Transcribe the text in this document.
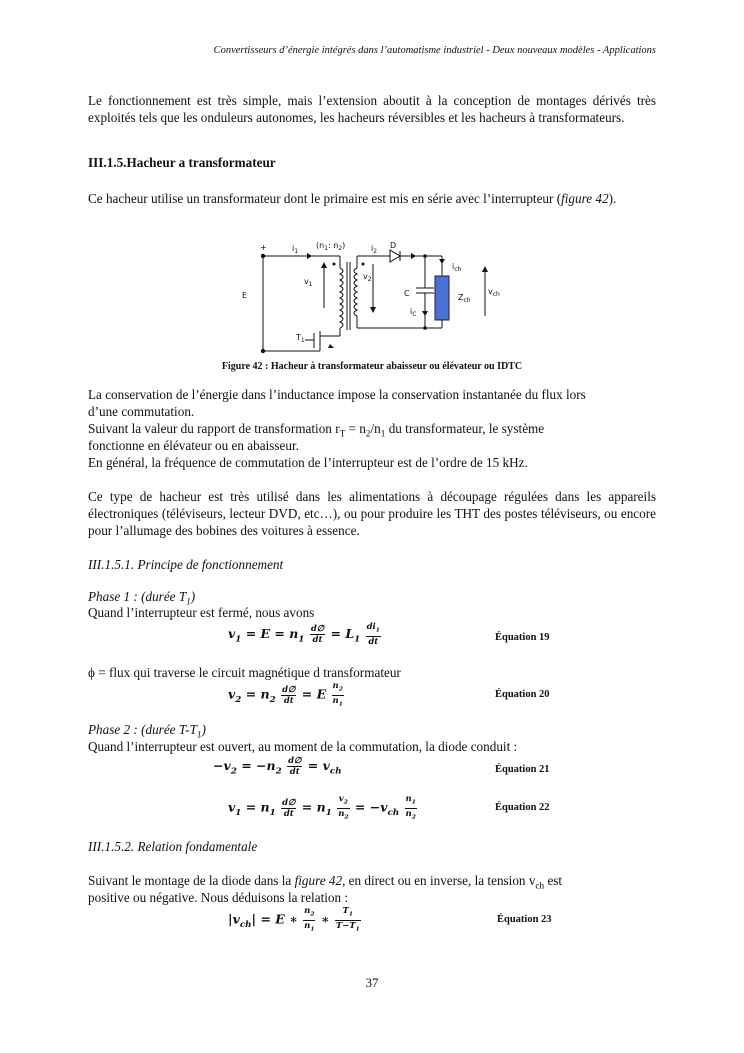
Convertisseurs d’énergie intégrés dans l’automatisme industriel - Deux nouveaux modèles - Applications
Le fonctionnement est très simple, mais l’extension aboutit à la conception de montages dérivés très exploités tels que les onduleurs autonomes, les hacheurs réversibles et les hacheurs à transformateurs.
III.1.5.Hacheur a transformateur
Ce hacheur utilise un transformateur dont le primaire est mis en série avec l’interrupteur (figure 42).
+
E
$i_1$
($n_1$: $n_2$)	$i_2$
D
$v_1$
$v_2$
C
$i_{ch}$
$Z_{ch}$
$v_{ch}$
$i_C$
$T_1$
Figure 42 : Hacheur à transformateur abaisseur ou élévateur ou IDTC
La conservation de l’énergie dans l’inductance impose la conservation instantanée du flux lors
d’une commutation.
Suivant la valeur du rapport de transformation $r_T = n_2/n_1$ du transformateur, le système
fonctionne en élévateur ou en abaisseur.
En général, la fréquence de commutation de l’interrupteur est de l’ordre de 15 kHz.
Ce type de hacheur est très utilisé dans les alimentations à découpage régulées dans les appareils électroniques (téléviseurs, lecteur DVD, etc…), ou pour produire les THT des postes téléviseurs, ou encore pour l’allumage des bobines des voitures à essence.
III.1.5.1. Principe de fonctionnement
Phase 1 : (durée $T_1$)
Quand l’interrupteur est fermé, nous avons
$v_1 = E = n_1 \frac{d\emptyset}{dt} = L_1 \frac{di_1}{dt}$	Équation 19
ϕ = flux qui traverse le circuit magnétique d transformateur
$v_2 = n_2 \frac{d\emptyset}{dt} = E \frac{n_2}{n_1}$	Équation 20
Phase 2 : (durée $T-T_1$)
Quand l’interrupteur est ouvert, au moment de la commutation, la diode conduit :
$-v_2 = -n_2 \frac{d\emptyset}{dt} = v_{ch}$	Équation 21
$v_1 = n_1 \frac{d\emptyset}{dt} = n_1 \frac{v_2}{n_2} = -v_{ch} \frac{n_1}{n_2}$	Équation 22
III.1.5.2. Relation fondamentale
Suivant le montage de la diode dans la figure 42, en direct ou en inverse, la tension $v_{ch}$ est
positive ou négative. Nous déduisons la relation :
$|v_{ch}| = E$ ∗ $\frac{n_2}{n_1}$ ∗ $\frac{T_1}{T-T_1}$	Équation 23
37
